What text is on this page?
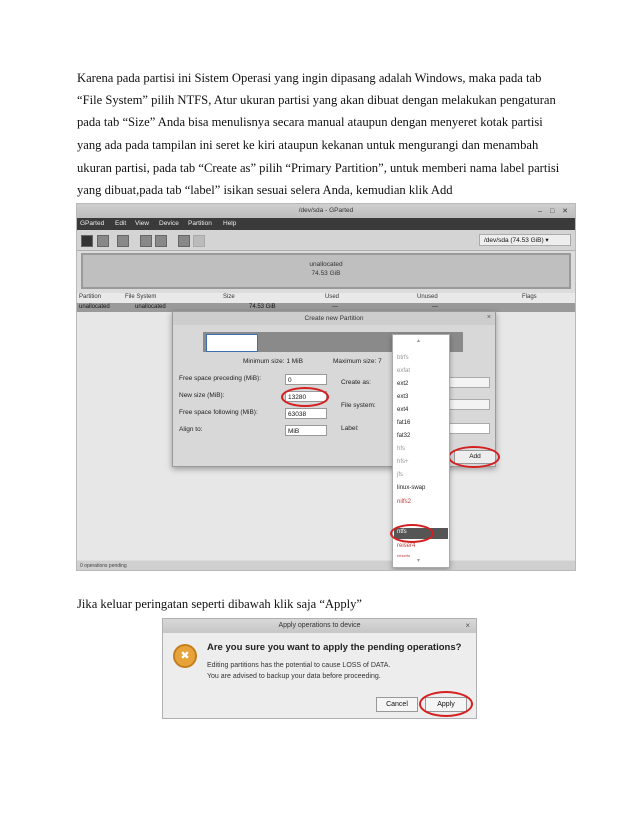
Karena pada partisi ini Sistem Operasi yang ingin dipasang adalah Windows, maka pada tab
“File System” pilih NTFS, Atur ukuran partisi yang akan dibuat dengan melakukan pengaturan
pada tab “Size” Anda bisa menulisnya secara manual ataupun dengan menyeret kotak partisi
yang ada pada tampilan ini seret ke kiri ataupun kekanan untuk mengurangi dan menambah
ukuran partisi, pada tab “Create as” pilih “Primary Partition”, untuk memberi nama label partisi
yang dibuat,pada tab “label” isikan sesuai selera Anda, kemudian klik Add
/dev/sda - GParted	– □ ✕
GParted Edit View Device Partition Help
/dev/sda (74.53 GiB) ▾
unallocated
74.53 GiB
Partition	File System	Size	Used	Unused	Flags
unallocated	unallocated	74.53 GiB	---	---
0 operations pending
Create new Partition	×
Minimum size: 1 MiB	Maximum size: 7
Free space preceding (MiB):	0
New size (MiB):	13280
Free space following (MiB):	63038
Align to:	MiB
Create as:
File system:
Label:
Add
▴
btrfs
exfat
ext2
ext3
ext4
fat16
fat32
hfs
hfs+
jfs
linux-swap
nilfs2
ntfs
reiser4
reiserfs
▾
Jika keluar peringatan seperti dibawah klik saja “Apply”
Apply operations to device	×
✖
Are you sure you want to apply the pending operations?
Editing partitions has the potential to cause LOSS of DATA.
You are advised to backup your data before proceeding.
Cancel	Apply
